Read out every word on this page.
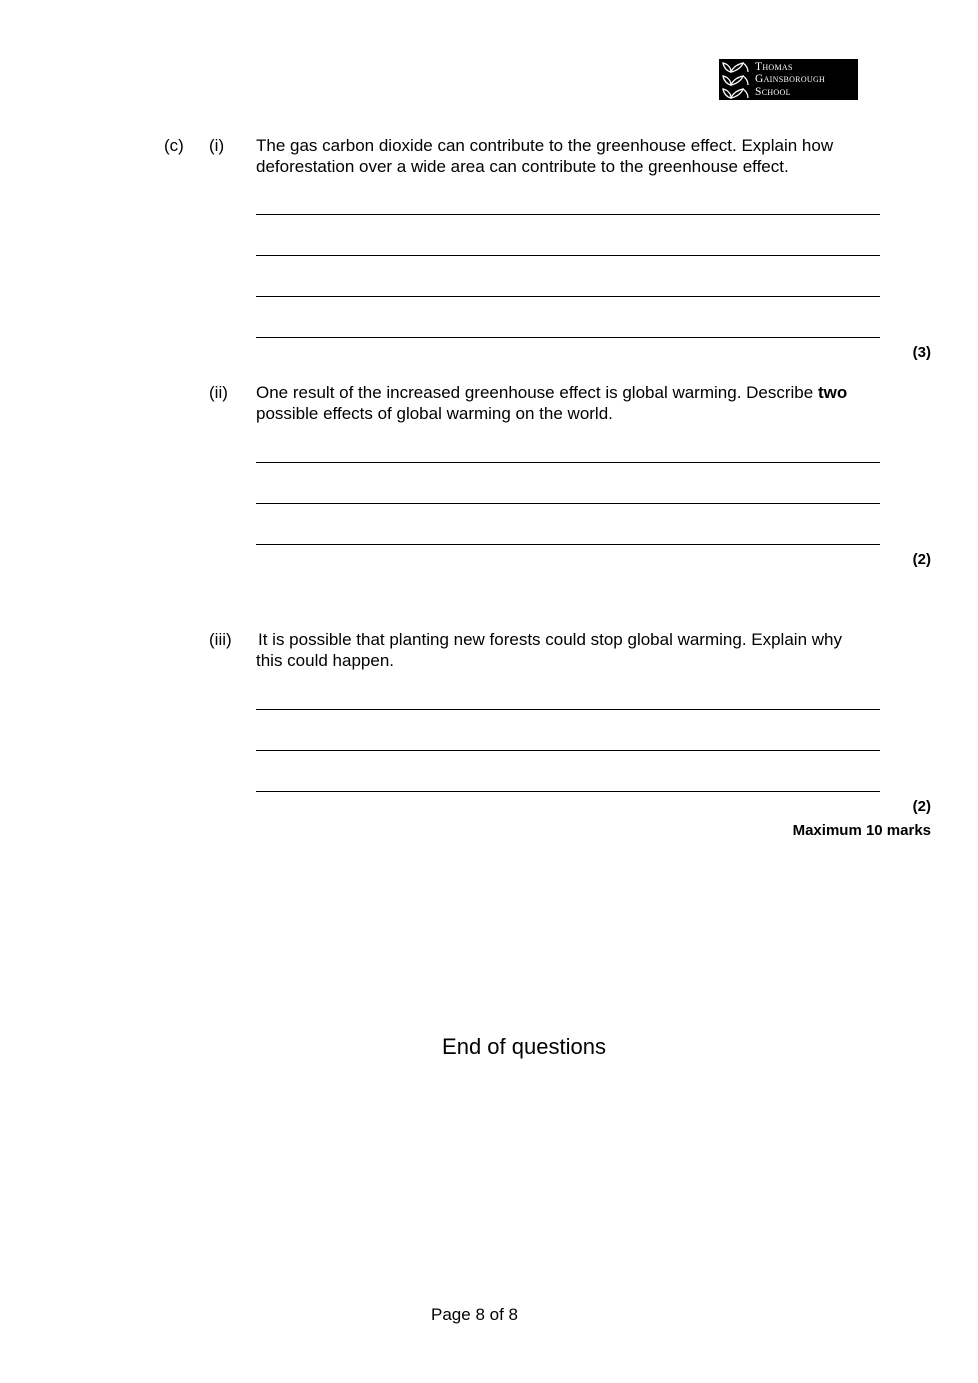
Thomas
Gainsborough
School
(c) (i) The gas carbon dioxide can contribute to the greenhouse effect. Explain how
deforestation over a wide area can contribute to the greenhouse effect.
(3)
(ii) One result of the increased greenhouse effect is global warming. Describe two
possible effects of global warming on the world.
(2)
(iii) It is possible that planting new forests could stop global warming. Explain why
this could happen.
(2)
Maximum 10 marks
End of questions
Page 8 of 8
